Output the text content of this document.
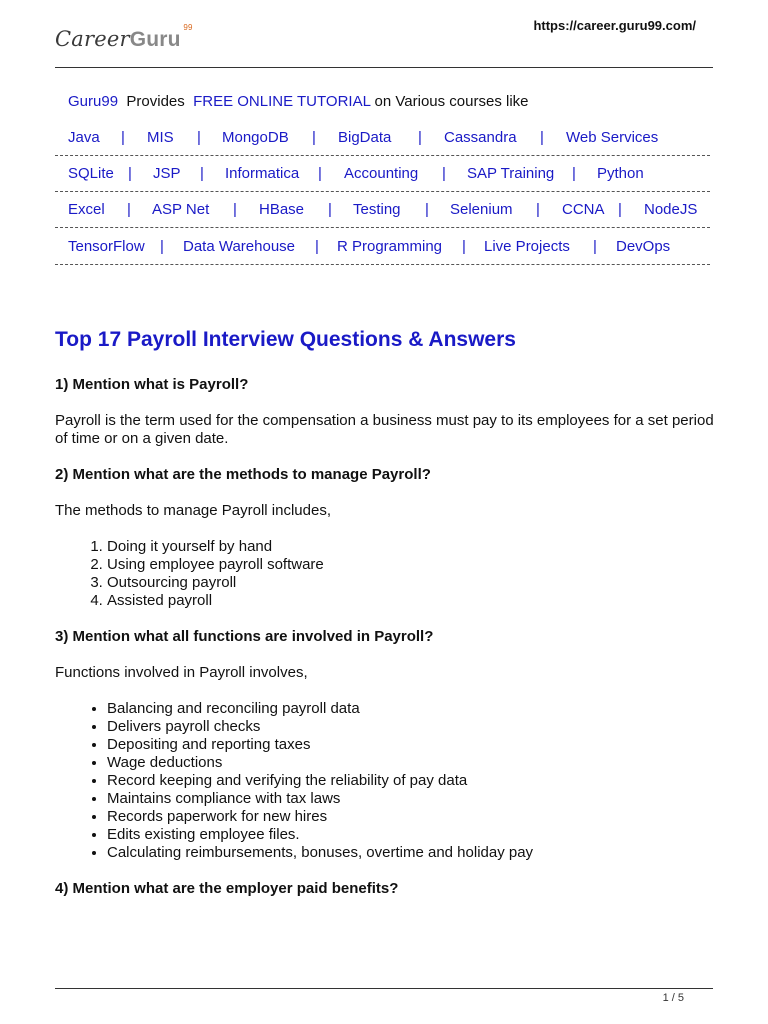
https://career.guru99.com/
CareerGuru
99
Guru99 Provides FREE ONLINE TUTORIAL on Various courses like
Java | MIS | MongoDB | BigData | Cassandra | Web Services
SQLite | JSP | Informatica | Accounting | SAP Training | Python
Excel | ASP Net | HBase | Testing | Selenium | CCNA | NodeJS
TensorFlow | Data Warehouse | R Programming | Live Projects | DevOps
Top 17 Payroll Interview Questions & Answers
1) Mention what is Payroll?
Payroll is the term used for the compensation a business must pay to its employees for a set period of time or on a given date.
2) Mention what are the methods to manage Payroll?
The methods to manage Payroll includes,
1. Doing it yourself by hand
2. Using employee payroll software
3. Outsourcing payroll
4. Assisted payroll
3) Mention what all functions are involved in Payroll?
Functions involved in Payroll involves,
• Balancing and reconciling payroll data
• Delivers payroll checks
• Depositing and reporting taxes
• Wage deductions
• Record keeping and verifying the reliability of pay data
• Maintains compliance with tax laws
• Records paperwork for new hires
• Edits existing employee files.
• Calculating reimbursements, bonuses, overtime and holiday pay
4) Mention what are the employer paid benefits?
1 / 5
